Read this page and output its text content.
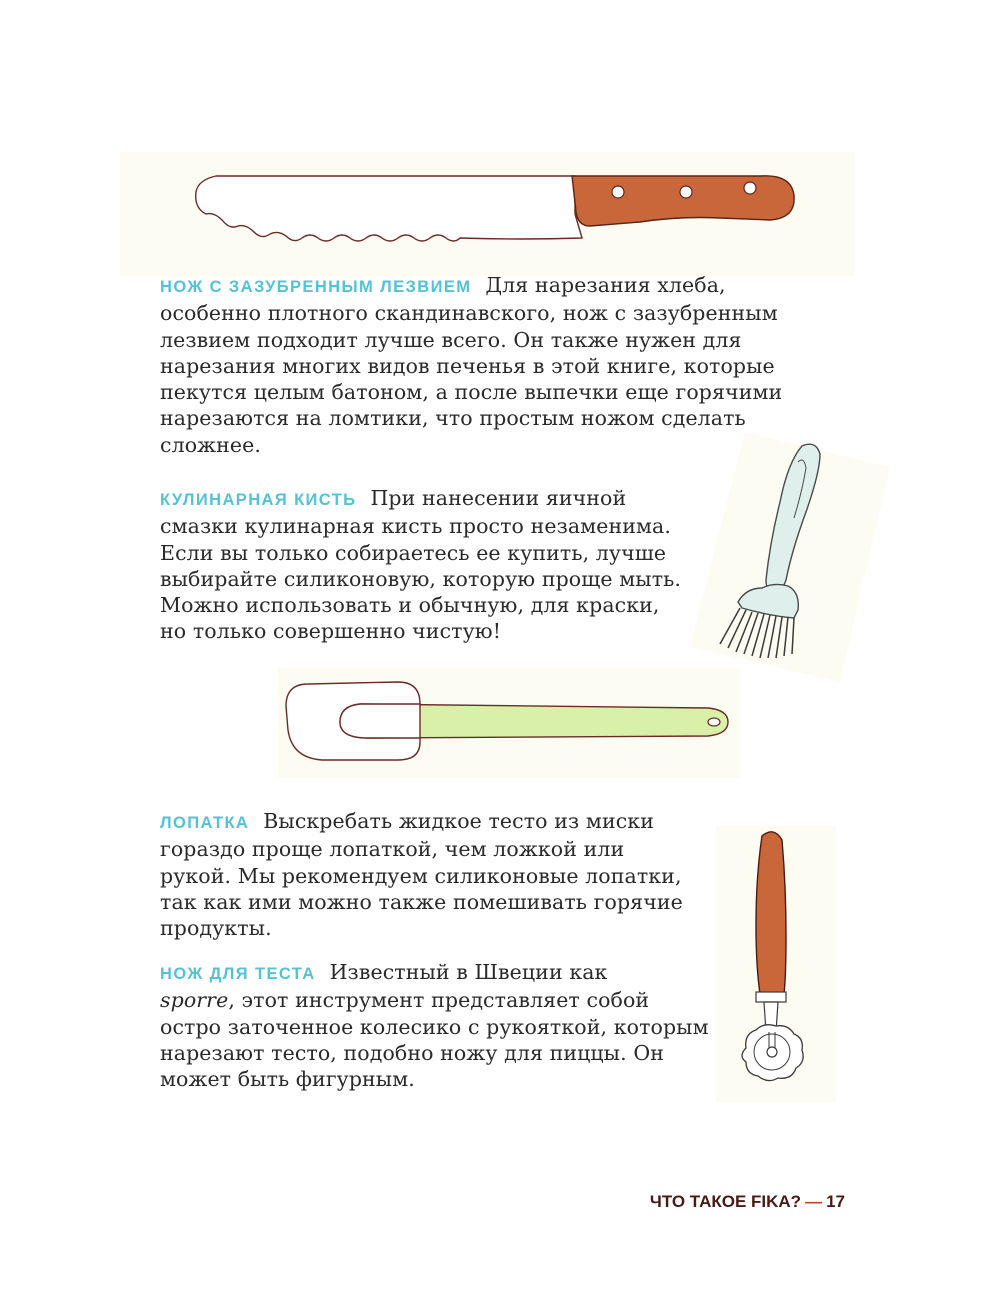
НОЖ С ЗАЗУБРЕННЫМ ЛЕЗВИЕМ Для нарезания хлеба,

особенно плотного скандинавского, нож с зазубренным

лезвием подходит лучше всего. Он также нужен для

нарезания многих видов печенья в этой книге, которые

пекутся целым батоном, а после выпечки еще горячими

нарезаются на ломтики, что простым ножом сделать

сложнее.

КУЛИНАРНАЯ КИСТЬ При нанесении яичной

смазки кулинарная кисть просто незаменима.

Если вы только собираетесь ее купить, лучше

выбирайте силиконовую, которую проще мыть.

Можно использовать и обычную, для краски,

но только совершенно чистую!

ЛОПАТКА Выскребать жидкое тесто из миски

гораздо проще лопаткой, чем ложкой или

рукой. Мы рекомендуем силиконовые лопатки,

так как ими можно также помешивать горячие

продукты.

НОЖ ДЛЯ ТЕСТА Известный в Швеции как

sporre, этот инструмент представляет собой

остро заточенное колесико с рукояткой, которым

нарезают тесто, подобно ножу для пиццы. Он

может быть фигурным.

ЧТО ТАКОЕ FIKA? — 17
